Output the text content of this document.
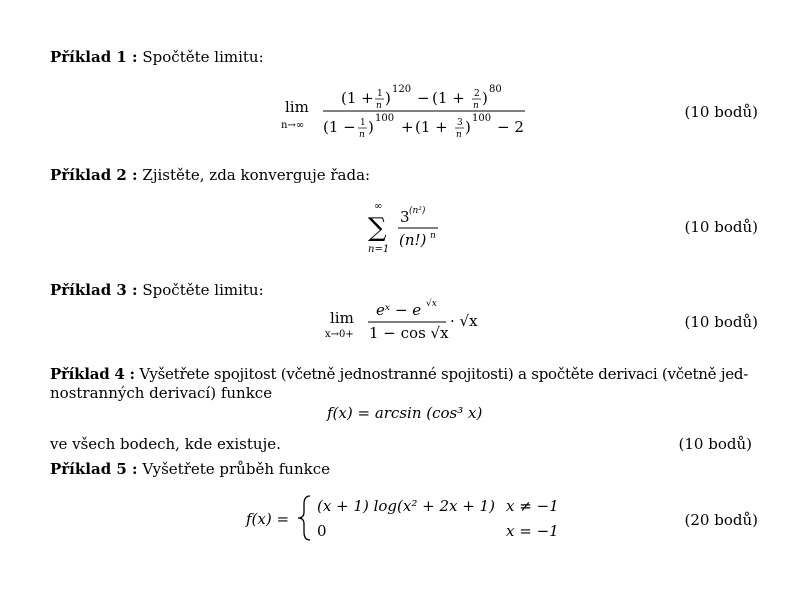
Příklad 1 : Spočtěte limitu:
lim
n→∞
(1 + 1
n ) 120 − (1 + 2
n ) 80
(1 − 1
n ) 100 + (1 + 3
n ) 100 − 2
(10 bodů)
Příklad 2 : Zjistěte, zda konverguje řada:
∞
∑
n=1
3 (n²)
(n!) n	(10 bodů)
Příklad 3 : Spočtěte limitu:
lim
x→0+
eˣ − e √x
1 − cos √x
· √x	(10 bodů)
Příklad 4 : Vyšetřete spojitost (včetně jednostranné spojitosti) a spočtěte derivaci (včetně jed-
nostranných derivací) funkce
f(x) = arcsin (cos³ x)
ve všech bodech, kde existuje.	(10 bodů)
Příklad 5 : Vyšetřete průběh funkce
f(x) =
(x + 1) log(x² + 2x + 1) x ≠ −1
0	x = −1
(20 bodů)
